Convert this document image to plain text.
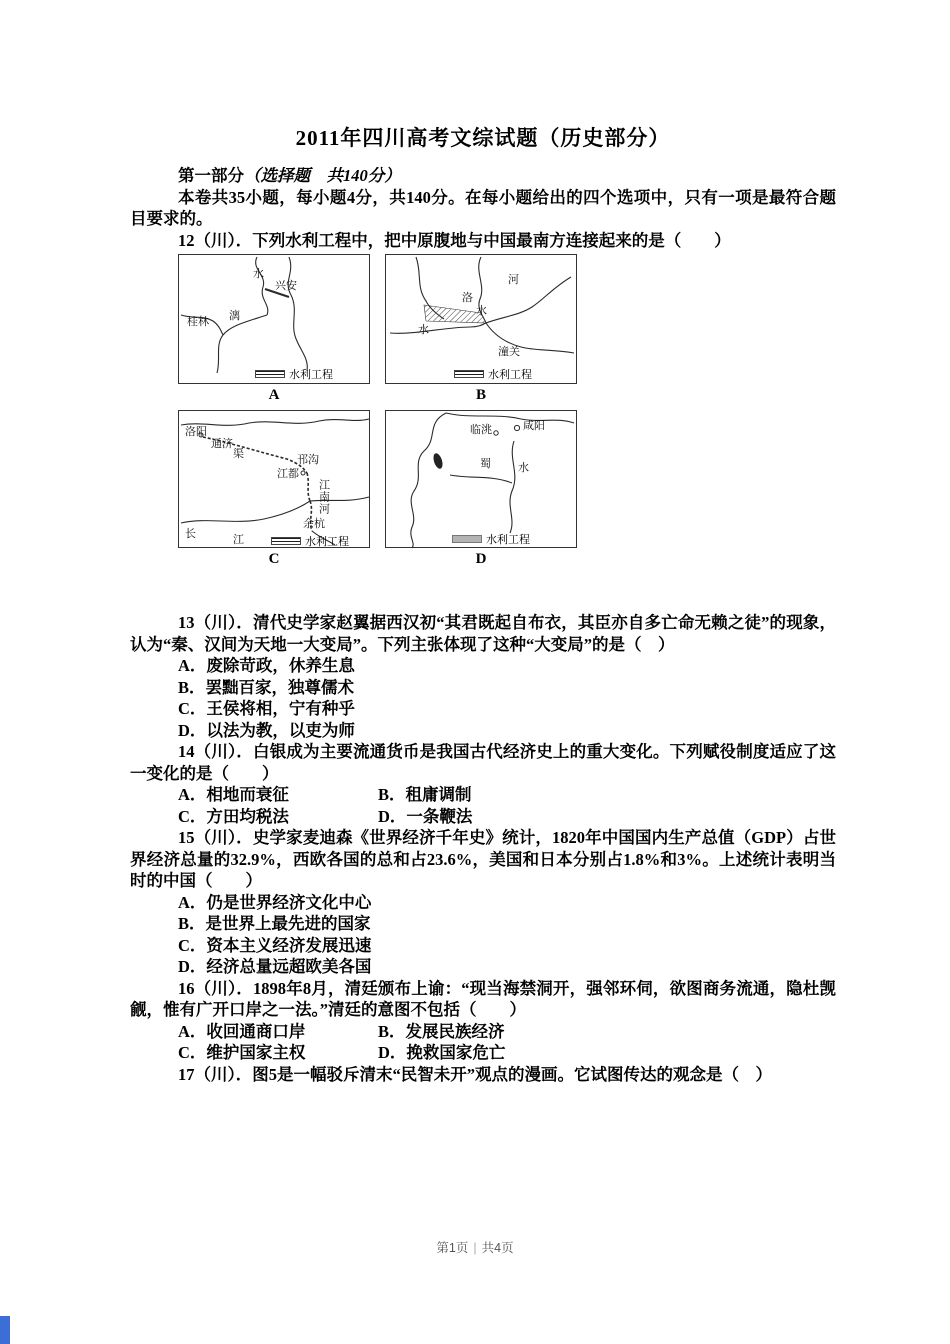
2011年四川高考文综试题（历史部分）

第一部分（选择题　共140分）

本卷共35小题，每小题4分，共140分。在每小题给出的四个选项中，只有一项是最符合题目要求的。

12（川）．下列水利工程中，把中原腹地与中国最南方连接起来的是（　　）

水
兴安
漓
桂林
水利工程
A
河
洛
水
水
潼关
水利工程
B
洛阳
通济
渠	邗沟
江都
江南河
余杭
长	江	水利工程
C
临洮	咸阳
蜀 水
水利工程
D

13（川）．清代史学家赵翼据西汉初“其君既起自布衣，其臣亦自多亡命无赖之徒”的现象，认为“秦、汉间为天地一大变局”。下列主张体现了这种“大变局”的是（　）

A．废除苛政，休养生息

B．罢黜百家，独尊儒术

C．王侯将相，宁有种乎

D．以法为教，以吏为师

14（川）．白银成为主要流通货币是我国古代经济史上的重大变化。下列赋役制度适应了这一变化的是（　　）

A．相地而衰征	B．租庸调制

C．方田均税法	D．一条鞭法

15（川）．史学家麦迪森《世界经济千年史》统计，1820年中国国内生产总值（GDP）占世界经济总量的32.9%，西欧各国的总和占23.6%，美国和日本分别占1.8%和3%。上述统计表明当时的中国（　　）

A．仍是世界经济文化中心

B．是世界上最先进的国家

C．资本主义经济发展迅速

D．经济总量远超欧美各国

16（川）．1898年8月，清廷颁布上谕：“现当海禁洞开，强邻环伺，欲图商务流通，隐杜觊觎，惟有广开口岸之一法。”清廷的意图不包括（　　）

A．收回通商口岸	B．发展民族经济

C．维护国家主权	D．挽救国家危亡

17（川）．图5是一幅驳斥清末“民智未开”观点的漫画。它试图传达的观念是（　）

第1页 | 共4页
